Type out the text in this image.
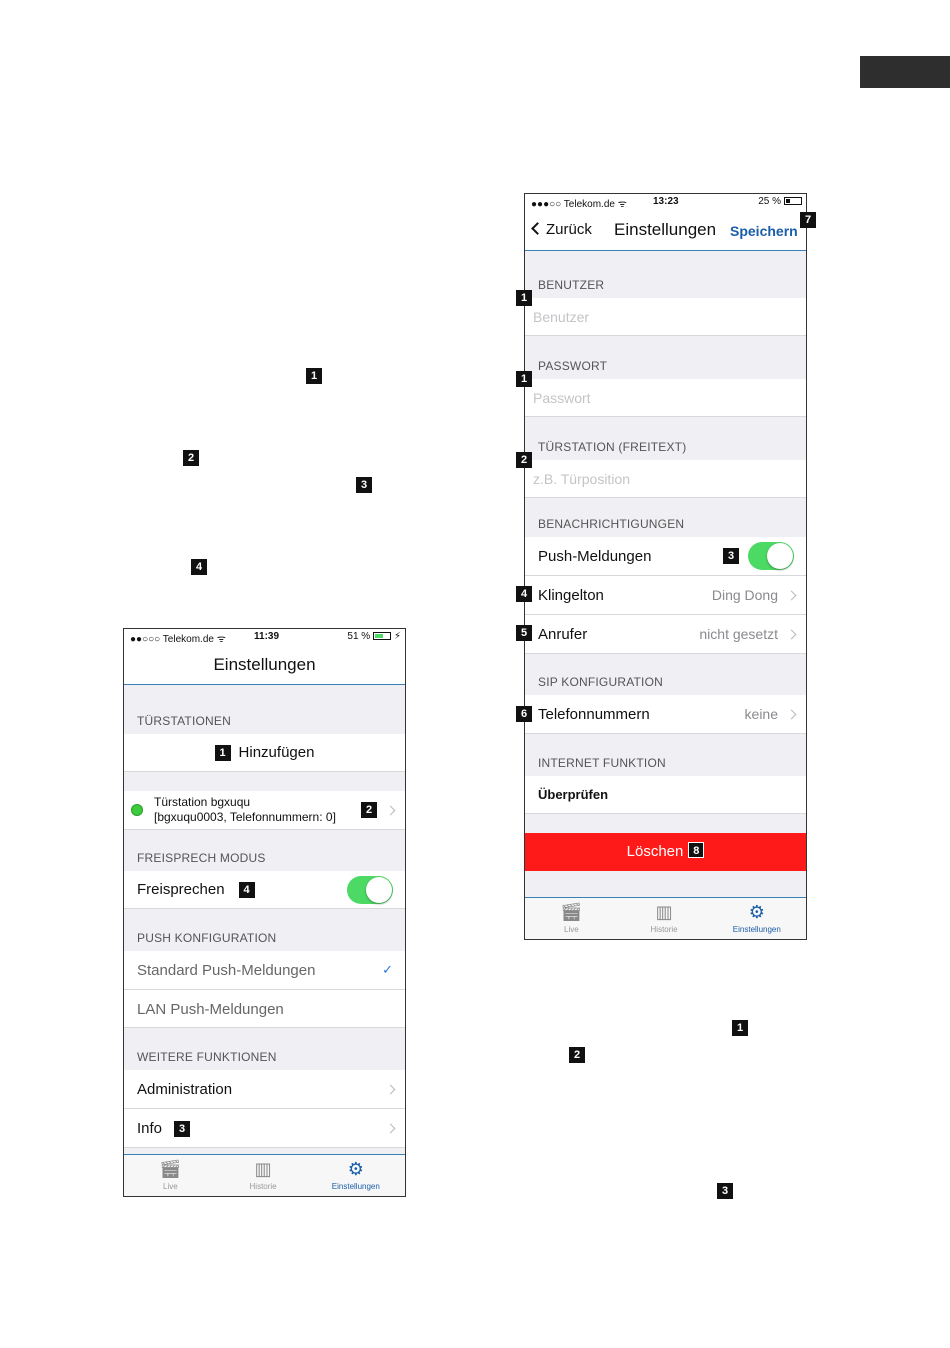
1
2
3
4
1
2
3
●●○○○ Telekom.de ᯤ	11:39	51 %
⚡
Einstellungen
TÜRSTATIONEN
1 Hinzufügen
Türstation bgxuqu
[bgxuqu0003, Telefonnummern: 0]	2
FREISPRECH MODUS
Freisprechen 4
PUSH KONFIGURATION
Standard Push-Meldungen	✓
LAN Push-Meldungen
WEITERE FUNKTIONEN
Administration
Info 3
🎬︎
Live
▥
Historie
⚙
Einstellungen
●●●○○ Telekom.de ᯤ	13:23	25 %
Zurück Einstellungen Speichern
BENUTZER
Benutzer
PASSWORT
Passwort
TÜRSTATION (FREITEXT)
z.B. Türposition
BENACHRICHTIGUNGEN
Push-Meldungen	3
Klingelton	Ding Dong
Anrufer	nicht gesetzt
SIP KONFIGURATION
Telefonnummern	keine
INTERNET FUNKTION
Überprüfen
Löschen 8
🎬︎
Live
▥
Historie
⚙
Einstellungen
7
1
1
2
4
5
6
